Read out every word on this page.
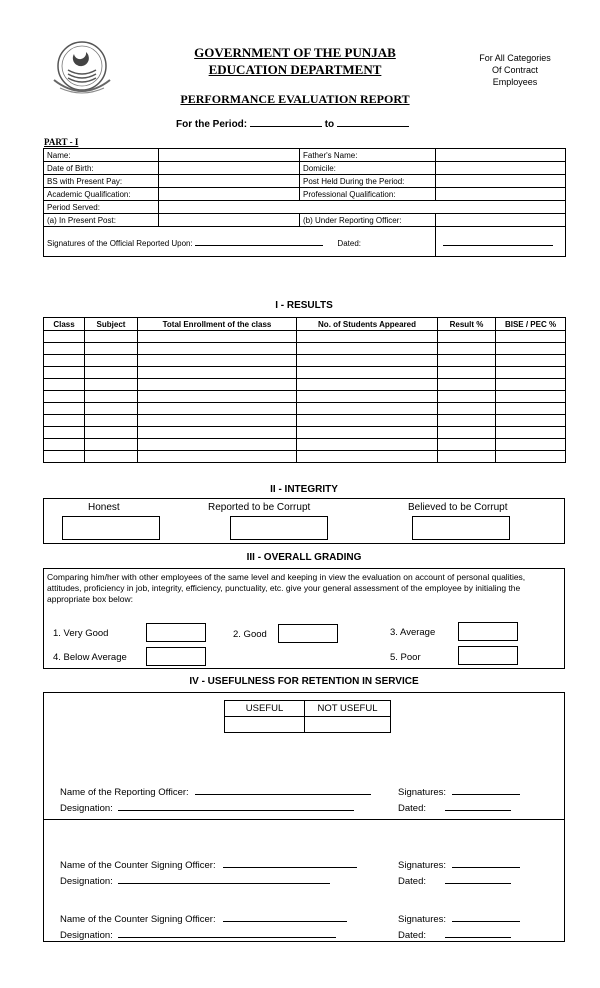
GOVERNMENT OF THE PUNJAB
EDUCATION DEPARTMENT
PERFORMANCE EVALUATION REPORT
For All Categories
Of Contract
Employees
For the Period:	to
PART - I
Name:		Father's Name:	
Date of Birth:		Domicile:	
BS with Present Pay:		Post Held During the Period:	
Academic Qualification:		Professional Qualification:	
Period Served:			
(a) In Present Post:		(b) Under Reporting Officer:	
Signatures of the Official Reported Upon: Dated:			
I - RESULTS
Class	Subject	Total Enrollment of the class	No. of Students Appeared	Result %	BISE / PEC %

II - INTEGRITY
Honest	Reported to be Corrupt	Believed to be Corrupt
III - OVERALL GRADING
Comparing him/her with other employees of the same level and keeping in view the evaluation on account of personal qualities, attitudes, proficiency in job, integrity, efficiency, punctuality, etc. give your general assessment of the employee by initialing the appropriate box below:
1. Very Good	2. Good	3. Average
4. Below Average	5. Poor
IV - USEFULNESS FOR RETENTION IN SERVICE
USEFUL	NOT USEFUL

Name of the Reporting Officer:	Signatures:
Designation:	Dated:
Name of the Counter Signing Officer:	Signatures:
Designation:	Dated:
Name of the Counter Signing Officer:	Signatures:
Designation:	Dated:
